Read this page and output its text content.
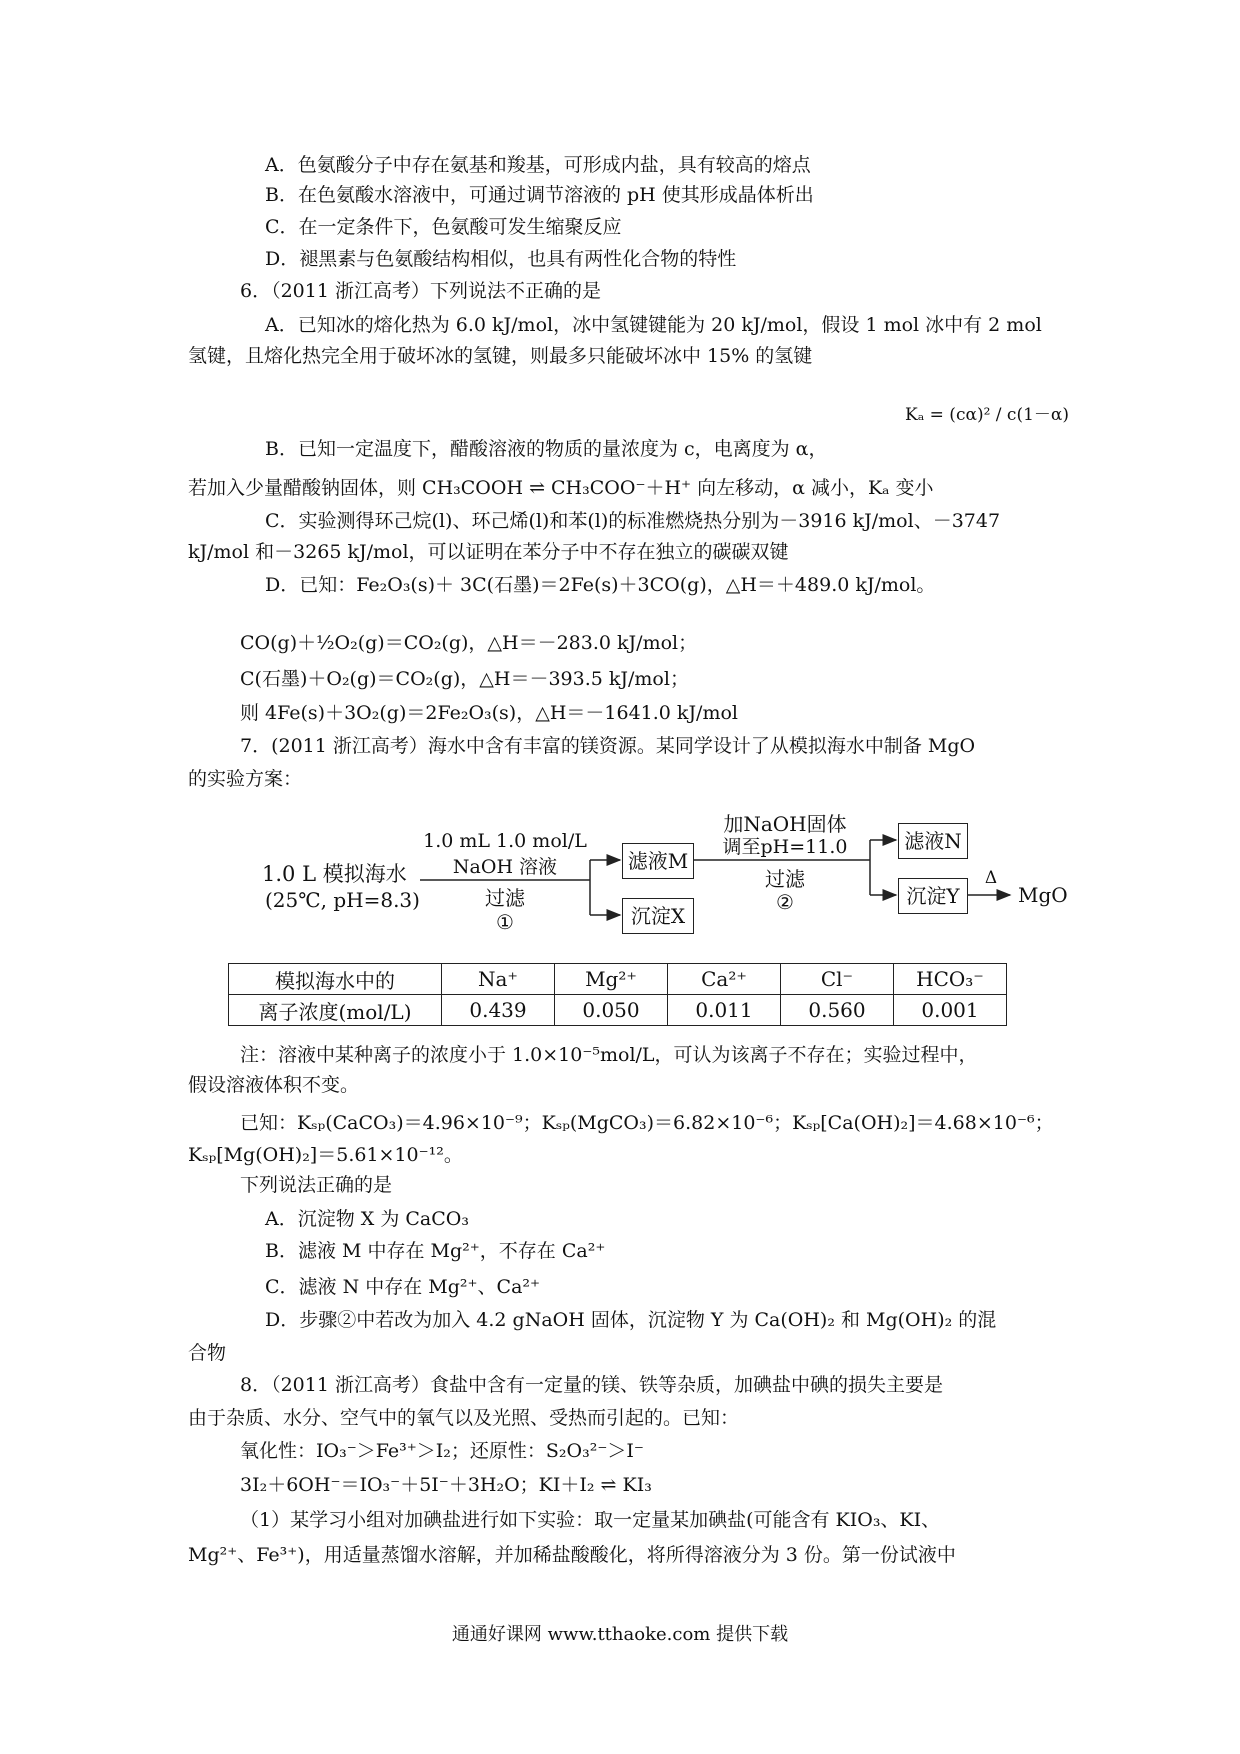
A．色氨酸分子中存在氨基和羧基，可形成内盐，具有较高的熔点
B．在色氨酸水溶液中，可通过调节溶液的 pH 使其形成晶体析出
C．在一定条件下，色氨酸可发生缩聚反应
D．褪黑素与色氨酸结构相似，也具有两性化合物的特性
6．（2011 浙江高考）下列说法不正确的是
A．已知冰的熔化热为 6.0 kJ/mol，冰中氢键键能为 20 kJ/mol，假设 1 mol 冰中有 2 mol
氢键，且熔化热完全用于破坏冰的氢键，则最多只能破坏冰中 15% 的氢键
Kₐ = (cα)² / c(1－α)
B．已知一定温度下，醋酸溶液的物质的量浓度为 c，电离度为 α，
若加入少量醋酸钠固体，则 CH₃COOH ⇌ CH₃COO⁻＋H⁺ 向左移动，α 减小，Kₐ 变小
C．实验测得环己烷(l)、环己烯(l)和苯(l)的标准燃烧热分别为－3916 kJ/mol、－3747
kJ/mol 和－3265 kJ/mol，可以证明在苯分子中不存在独立的碳碳双键
D．已知：Fe₂O₃(s)＋ 3C(石墨)＝2Fe(s)＋3CO(g)，△H＝＋489.0 kJ/mol。
CO(g)＋½O₂(g)＝CO₂(g)，△H＝－283.0 kJ/mol；
C(石墨)＋O₂(g)＝CO₂(g)，△H＝－393.5 kJ/mol；
则 4Fe(s)＋3O₂(g)＝2Fe₂O₃(s)，△H＝－1641.0 kJ/mol
7．(2011 浙江高考）海水中含有丰富的镁资源。某同学设计了从模拟海水中制备 MgO
的实验方案：
1.0 L 模拟海水
(25℃, pH=8.3)
1.0 mL 1.0 mol/L
NaOH 溶液
过滤
①
滤液M
沉淀X
加NaOH固体
调至pH=11.0
过滤
②
滤液N
沉淀Y
Δ
MgO
模拟海水中的	Na⁺	Mg²⁺	Ca²⁺	Cl⁻	HCO₃⁻
离子浓度(mol/L)	0.439	0.050	0.011	0.560	0.001
注：溶液中某种离子的浓度小于 1.0×10⁻⁵mol/L，可认为该离子不存在；实验过程中，
假设溶液体积不变。
已知：Kₛₚ(CaCO₃)＝4.96×10⁻⁹；Kₛₚ(MgCO₃)＝6.82×10⁻⁶；Kₛₚ[Ca(OH)₂]＝4.68×10⁻⁶；
Kₛₚ[Mg(OH)₂]＝5.61×10⁻¹²。
下列说法正确的是
A．沉淀物 X 为 CaCO₃
B．滤液 M 中存在 Mg²⁺，不存在 Ca²⁺
C．滤液 N 中存在 Mg²⁺、Ca²⁺
D．步骤②中若改为加入 4.2 gNaOH 固体，沉淀物 Y 为 Ca(OH)₂ 和 Mg(OH)₂ 的混
合物
8．（2011 浙江高考）食盐中含有一定量的镁、铁等杂质，加碘盐中碘的损失主要是
由于杂质、水分、空气中的氧气以及光照、受热而引起的。已知：
氧化性：IO₃⁻＞Fe³⁺＞I₂；还原性：S₂O₃²⁻＞I⁻
3I₂＋6OH⁻＝IO₃⁻＋5I⁻＋3H₂O；KI＋I₂ ⇌ KI₃
（1）某学习小组对加碘盐进行如下实验：取一定量某加碘盐(可能含有 KIO₃、KI、
Mg²⁺、Fe³⁺)，用适量蒸馏水溶解，并加稀盐酸酸化，将所得溶液分为 3 份。第一份试液中
通通好课网 www.tthaoke.com 提供下载
